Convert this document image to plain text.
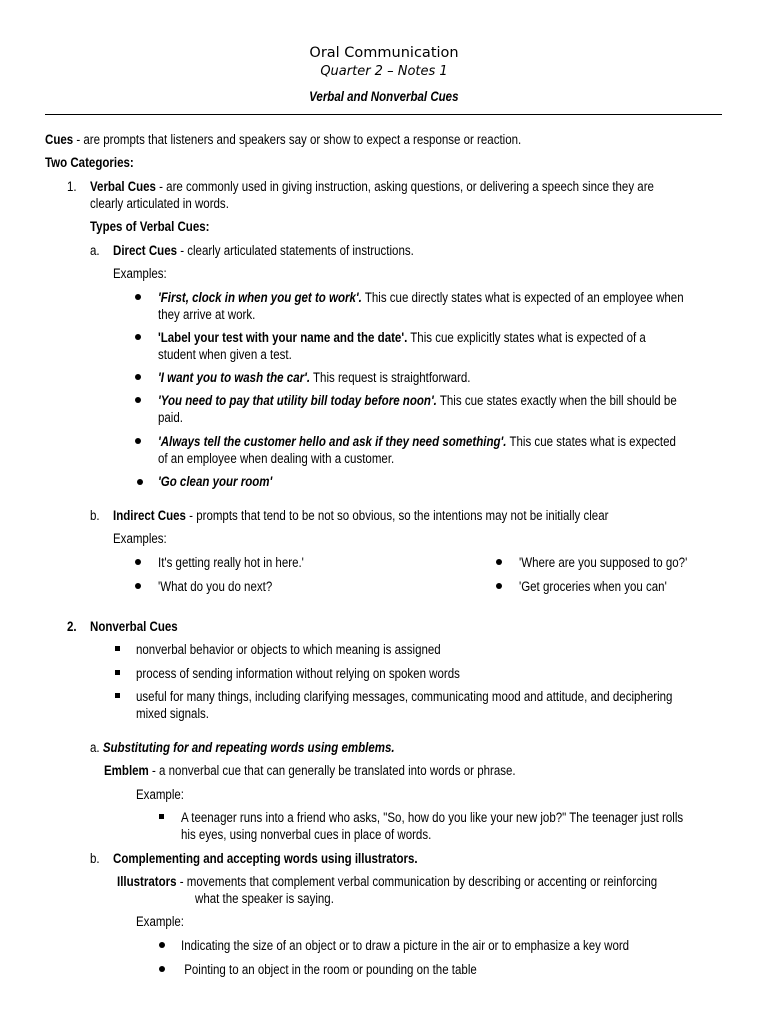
Oral Communication
Quarter 2 – Notes 1
Verbal and Nonverbal Cues
Cues - are prompts that listeners and speakers say or show to expect a response or reaction.
Two Categories:
1. Verbal Cues - are commonly used in giving instruction, asking questions, or delivering a speech since they are
clearly articulated in words.
Types of Verbal Cues:
a. Direct Cues - clearly articulated statements of instructions.
Examples:
'First, clock in when you get to work'. This cue directly states what is expected of an employee when
they arrive at work.
'Label your test with your name and the date'. This cue explicitly states what is expected of a
student when given a test.
'I want you to wash the car'. This request is straightforward.
'You need to pay that utility bill today before noon'. This cue states exactly when the bill should be
paid.
'Always tell the customer hello and ask if they need something'. This cue states what is expected
of an employee when dealing with a customer.
'Go clean your room'
b. Indirect Cues - prompts that tend to be not so obvious, so the intentions may not be initially clear
Examples:
It's getting really hot in here.'
'What do you do next?
'Where are you supposed to go?'
'Get groceries when you can'
2. Nonverbal Cues
nonverbal behavior or objects to which meaning is assigned
process of sending information without relying on spoken words
useful for many things, including clarifying messages, communicating mood and attitude, and deciphering
mixed signals.
a. Substituting for and repeating words using emblems.
Emblem - a nonverbal cue that can generally be translated into words or phrase.
Example:
A teenager runs into a friend who asks, "So, how do you like your new job?" The teenager just rolls
his eyes, using nonverbal cues in place of words.
b. Complementing and accepting words using illustrators.
Illustrators - movements that complement verbal communication by describing or accenting or reinforcing
what the speaker is saying.
Example:
Indicating the size of an object or to draw a picture in the air or to emphasize a key word
Pointing to an object in the room or pounding on the table
